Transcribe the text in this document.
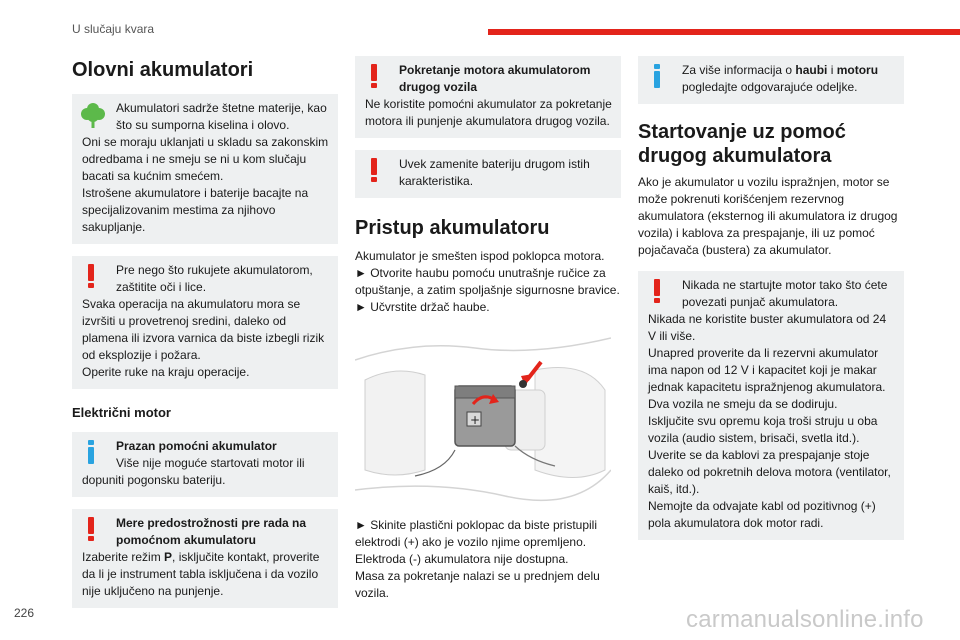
U slučaju kvara
Olovni akumulatori
Akumulatori sadrže štetne materije, kao što su sumporna kiselina i olovo.
Oni se moraju uklanjati u skladu sa zakonskim odredbama i ne smeju se ni u kom slučaju bacati sa kućnim smećem.
Istrošene akumulatore i baterije bacajte na specijalizovanim mestima za njihovo sakupljanje.
Pre nego što rukujete akumulatorom, zaštitite oči i lice.
Svaka operacija na akumulatoru mora se izvršiti u provetrenoj sredini, daleko od plamena ili izvora varnica da biste izbegli rizik od eksplozije i požara.
Operite ruke na kraju operacije.
Električni motor
Prazan pomoćni akumulator
Više nije moguće startovati motor ili dopuniti pogonsku bateriju.
Mere predostrožnosti pre rada na pomoćnom akumulatoru
Izaberite režim P, isključite kontakt, proverite da li je instrument tabla isključena i da vozilo nije uključeno na punjenje.
Pokretanje motora akumulatorom drugog vozila
Ne koristite pomoćni akumulator za pokretanje motora ili punjenje akumulatora drugog vozila.
Uvek zamenite bateriju drugom istih karakteristika.
Pristup akumulatoru

Akumulator je smešten ispod poklopca motora.

► Otvorite haubu pomoću unutrašnje ručice za otpuštanje, a zatim spoljašnje sigurnosne bravice.

► Učvrstite držač haube.

+

► Skinite plastični poklopac da biste pristupili elektrodi (+) ako je vozilo njime opremljeno.

Elektroda (-) akumulatora nije dostupna.

Masa za pokretanje nalazi se u prednjem delu vozila.

Za više informacija o haubi i motoru pogledajte odgovarajuće odeljke.
Startovanje uz pomoć drugog akumulatora

Ako je akumulator u vozilu ispražnjen, motor se može pokrenuti korišćenjem rezervnog akumulatora (eksternog ili akumulatora iz drugog vozila) i kablova za prespajanje, ili uz pomoć pojačavača (bustera) za akumulator.

Nikada ne startujte motor tako što ćete povezati punjač akumulatora.
Nikada ne koristite buster akumulatora od 24 V ili više.
Unapred proverite da li rezervni akumulator ima napon od 12 V i kapacitet koji je makar jednak kapacitetu ispražnjenog akumulatora.
Dva vozila ne smeju da se dodiruju.
Isključite svu opremu koja troši struju u oba vozila (audio sistem, brisači, svetla itd.).
Uverite se da kablovi za prespajanje stoje daleko od pokretnih delova motora (ventilator, kaiš, itd.).
Nemojte da odvajate kabl od pozitivnog (+) pola akumulatora dok motor radi.
226	carmanualsonline.info
